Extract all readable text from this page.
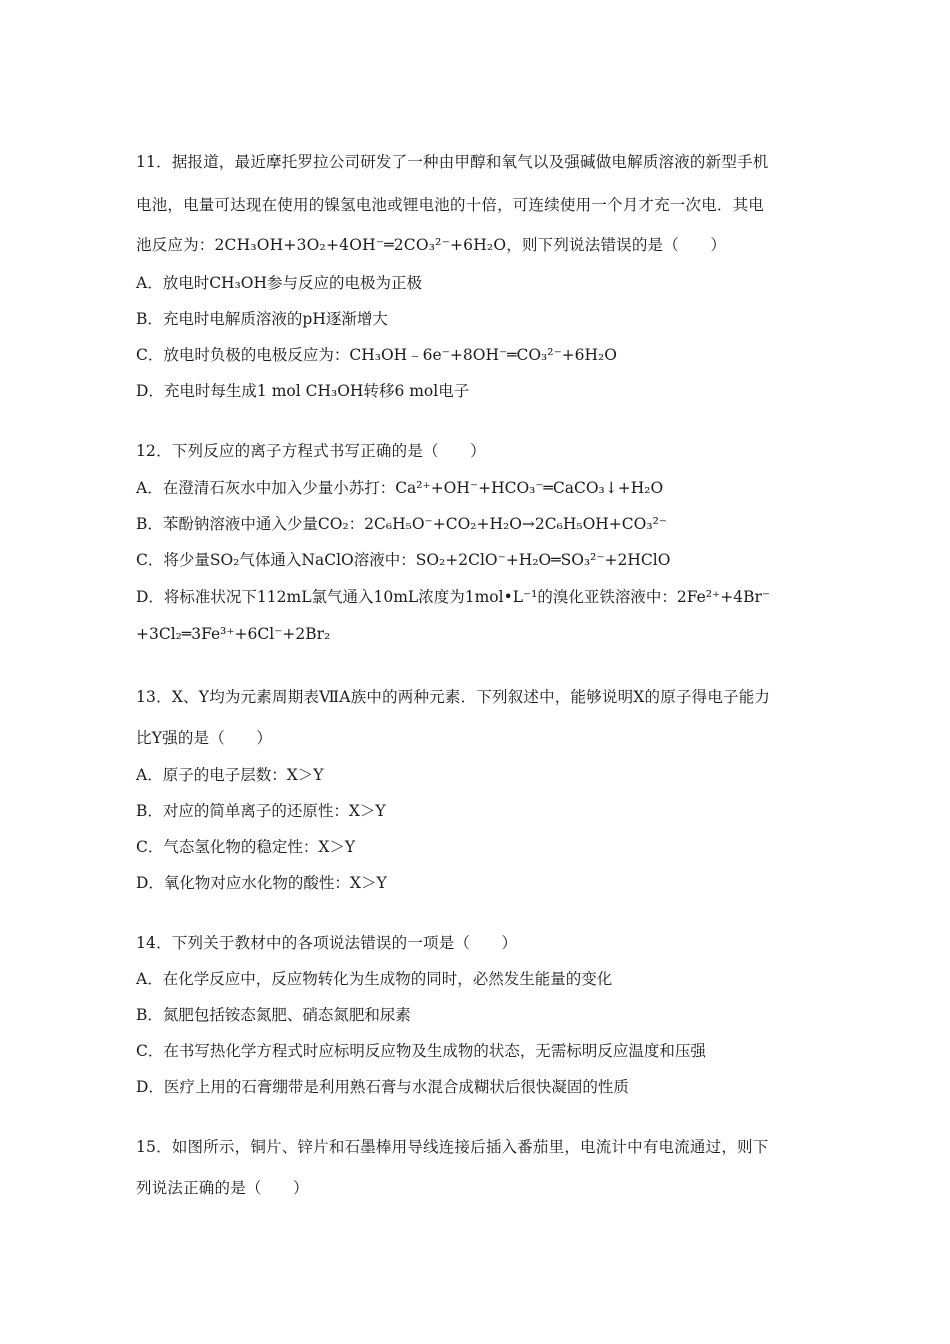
11．据报道，最近摩托罗拉公司研发了一种由甲醇和氧气以及强碱做电解质溶液的新型手机
电池，电量可达现在使用的镍氢电池或锂电池的十倍，可连续使用一个月才充一次电．其电
池反应为：2CH₃OH+3O₂+4OH⁻═2CO₃²⁻+6H₂O，则下列说法错误的是（　　）
A．放电时CH₃OH参与反应的电极为正极
B．充电时电解质溶液的pH逐渐增大
C．放电时负极的电极反应为：CH₃OH﹣6e⁻+8OH⁻═CO₃²⁻+6H₂O
D．充电时每生成1 mol CH₃OH转移6 mol电子
12．下列反应的离子方程式书写正确的是（　　）
A．在澄清石灰水中加入少量小苏打：Ca²⁺+OH⁻+HCO₃⁻═CaCO₃↓+H₂O
B．苯酚钠溶液中通入少量CO₂：2C₆H₅O⁻+CO₂+H₂O→2C₆H₅OH+CO₃²⁻
C．将少量SO₂气体通入NaClO溶液中：SO₂+2ClO⁻+H₂O═SO₃²⁻+2HClO
D．将标准状况下112mL氯气通入10mL浓度为1mol•L⁻¹的溴化亚铁溶液中：2Fe²⁺+4Br⁻
+3Cl₂═3Fe³⁺+6Cl⁻+2Br₂
13．X、Y均为元素周期表ⅦA族中的两种元素．下列叙述中，能够说明X的原子得电子能力
比Y强的是（　　）
A．原子的电子层数：X＞Y
B．对应的简单离子的还原性：X＞Y
C．气态氢化物的稳定性：X＞Y
D．氧化物对应水化物的酸性：X＞Y
14．下列关于教材中的各项说法错误的一项是（　　）
A．在化学反应中，反应物转化为生成物的同时，必然发生能量的变化
B．氮肥包括铵态氮肥、硝态氮肥和尿素
C．在书写热化学方程式时应标明反应物及生成物的状态，无需标明反应温度和压强
D．医疗上用的石膏绷带是利用熟石膏与水混合成糊状后很快凝固的性质
15．如图所示，铜片、锌片和石墨棒用导线连接后插入番茄里，电流计中有电流通过，则下
列说法正确的是（　　）
